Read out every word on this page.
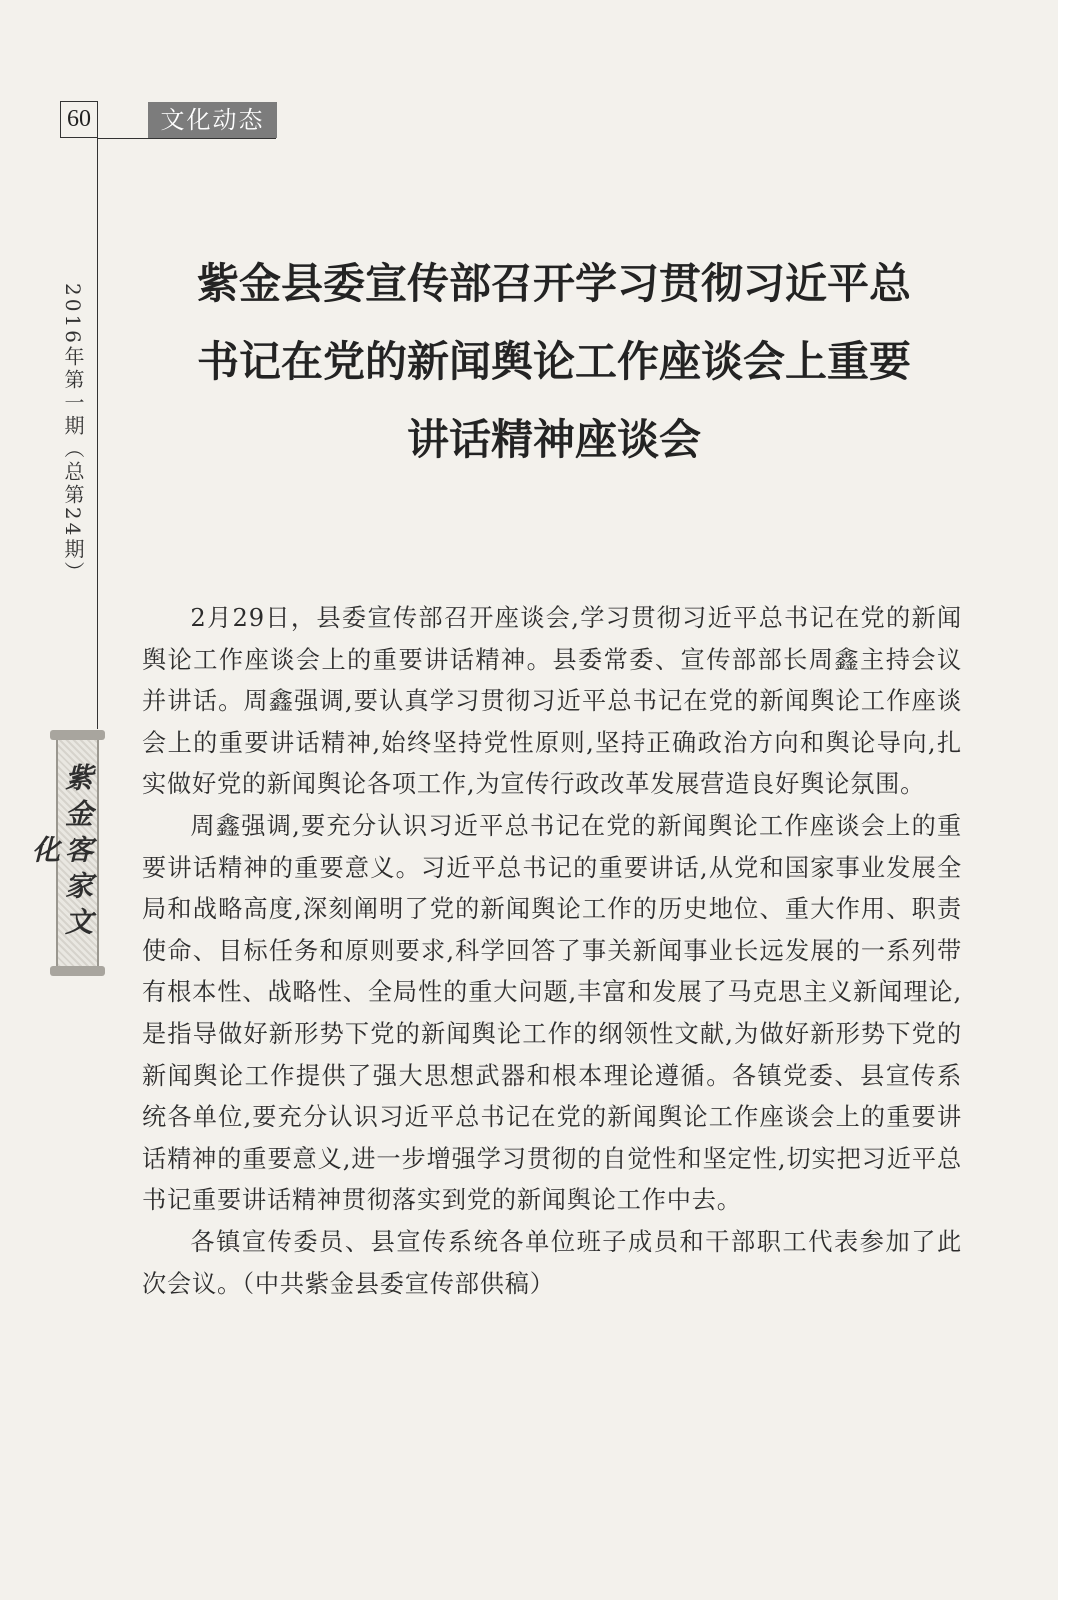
60	文化动态
2016年第一期（总第24期）
紫金客家文化
紫金县委宣传部召开学习贯彻习近平总
书记在党的新闻舆论工作座谈会上重要
讲话精神座谈会

2月29日，县委宣传部召开座谈会,学习贯彻习近平总书记在党的新闻舆论工作座谈会上的重要讲话精神。县委常委、宣传部部长周鑫主持会议并讲话。周鑫强调,要认真学习贯彻习近平总书记在党的新闻舆论工作座谈会上的重要讲话精神,始终坚持党性原则,坚持正确政治方向和舆论导向,扎实做好党的新闻舆论各项工作,为宣传行政改革发展营造良好舆论氛围。

周鑫强调,要充分认识习近平总书记在党的新闻舆论工作座谈会上的重要讲话精神的重要意义。习近平总书记的重要讲话,从党和国家事业发展全局和战略高度,深刻阐明了党的新闻舆论工作的历史地位、重大作用、职责使命、目标任务和原则要求,科学回答了事关新闻事业长远发展的一系列带有根本性、战略性、全局性的重大问题,丰富和发展了马克思主义新闻理论,是指导做好新形势下党的新闻舆论工作的纲领性文献,为做好新形势下党的新闻舆论工作提供了强大思想武器和根本理论遵循。各镇党委、县宣传系统各单位,要充分认识习近平总书记在党的新闻舆论工作座谈会上的重要讲话精神的重要意义,进一步增强学习贯彻的自觉性和坚定性,切实把习近平总书记重要讲话精神贯彻落实到党的新闻舆论工作中去。

各镇宣传委员、县宣传系统各单位班子成员和干部职工代表参加了此次会议。（中共紫金县委宣传部供稿）
